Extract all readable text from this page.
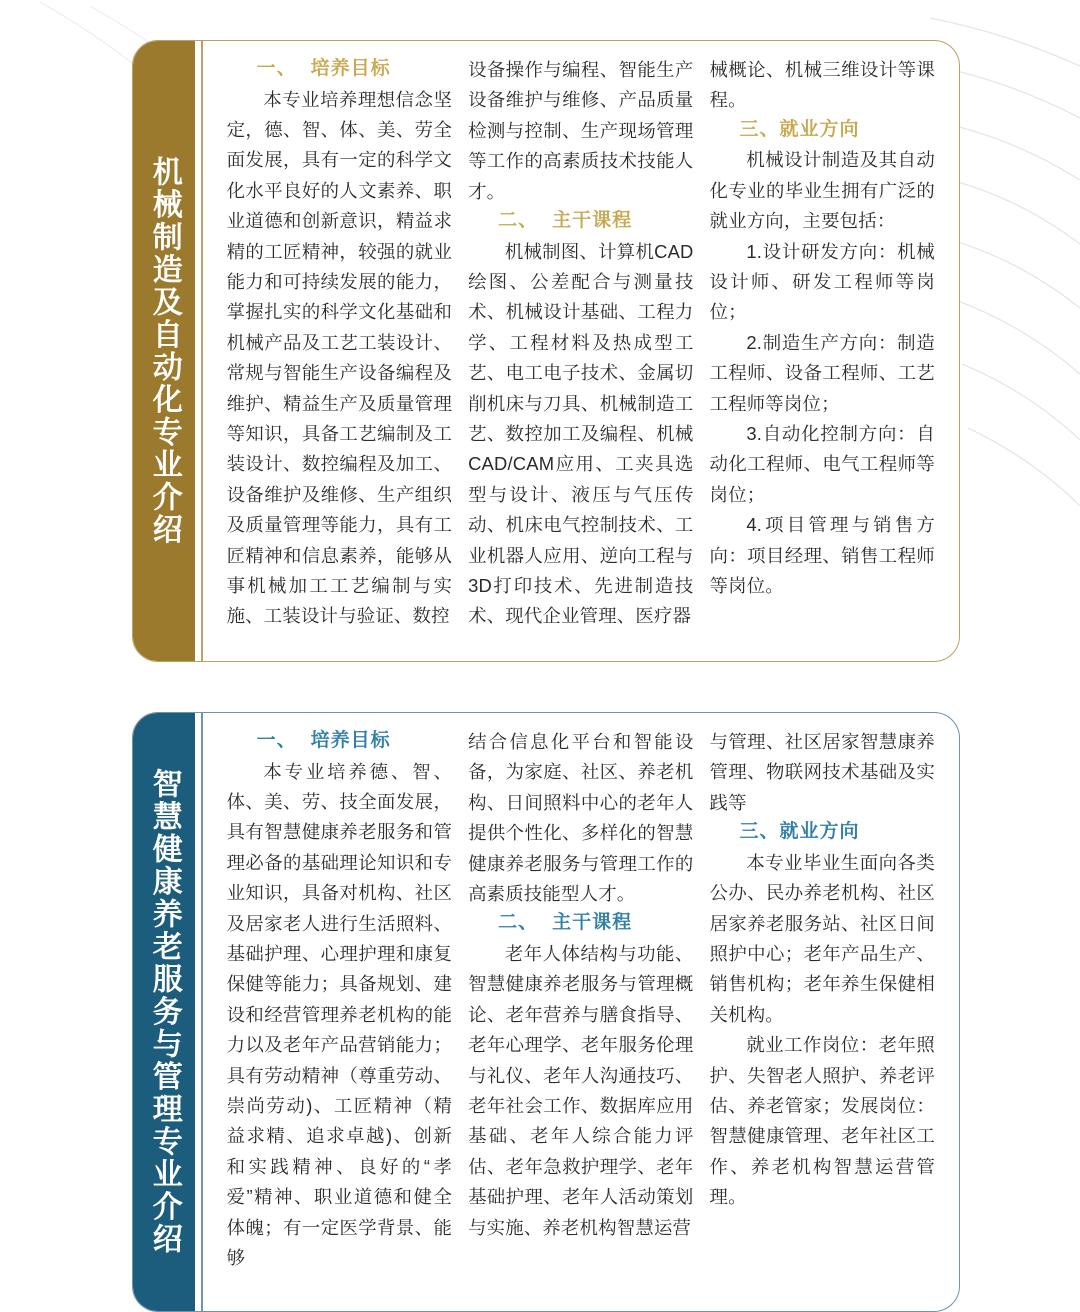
机械制造及自动化专业介绍
一、 培养目标

本专业培养理想信念坚定，德、智、体、美、劳全面发展，具有一定的科学文化水平良好的人文素养、职业道德和创新意识，精益求精的工匠精神，较强的就业能力和可持续发展的能力，掌握扎实的科学文化基础和机械产品及工艺工装设计、常规与智能生产设备编程及维护、精益生产及质量管理等知识，具备工艺编制及工装设计、数控编程及加工、设备维护及维修、生产组织及质量管理等能力，具有工匠精神和信息素养，能够从事机械加工工艺编制与实施、工装设计与验证、数控

设备操作与编程、智能生产设备维护与维修、产品质量检测与控制、生产现场管理等工作的高素质技术技能人才。

二、 主干课程

机械制图、计算机CAD绘图、公差配合与测量技术、机械设计基础、工程力学、工程材料及热成型工艺、电工电子技术、金属切削机床与刀具、机械制造工艺、数控加工及编程、机械CAD/CAM应用、工夹具选型与设计、液压与气压传动、机床电气控制技术、工业机器人应用、逆向工程与3D打印技术、先进制造技术、现代企业管理、医疗器

械概论、机械三维设计等课程。

三、就业方向

机械设计制造及其自动化专业的毕业生拥有广泛的就业方向，主要包括：

1.设计研发方向：机械设计师、研发工程师等岗位；

2.制造生产方向：制造工程师、设备工程师、工艺工程师等岗位；

3.自动化控制方向：自动化工程师、电气工程师等岗位；

4.项目管理与销售方向：项目经理、销售工程师等岗位。

智慧健康养老服务与管理专业介绍
一、 培养目标

本专业培养德、智、体、美、劳、技全面发展，具有智慧健康养老服务和管理必备的基础理论知识和专业知识，具备对机构、社区及居家老人进行生活照料、基础护理、心理护理和康复保健等能力；具备规划、建设和经营管理养老机构的能力以及老年产品营销能力；具有劳动精神（尊重劳动、崇尚劳动)、工匠精神（精益求精、追求卓越)、创新和实践精神、良好的“孝爱”精神、职业道德和健全体魄；有一定医学背景、能够

结合信息化平台和智能设备，为家庭、社区、养老机构、日间照料中心的老年人提供个性化、多样化的智慧健康养老服务与管理工作的高素质技能型人才。

二、 主干课程

老年人体结构与功能、智慧健康养老服务与管理概论、老年营养与膳食指导、老年心理学、老年服务伦理与礼仪、老年人沟通技巧、老年社会工作、数据库应用基础、老年人综合能力评估、老年急救护理学、老年基础护理、老年人活动策划与实施、养老机构智慧运营

与管理、社区居家智慧康养管理、物联网技术基础及实践等

三、就业方向

本专业毕业生面向各类公办、民办养老机构、社区居家养老服务站、社区日间照护中心；老年产品生产、销售机构；老年养生保健相关机构。

就业工作岗位：老年照护、失智老人照护、养老评估、养老管家；发展岗位：智慧健康管理、老年社区工作、养老机构智慧运营管理。
